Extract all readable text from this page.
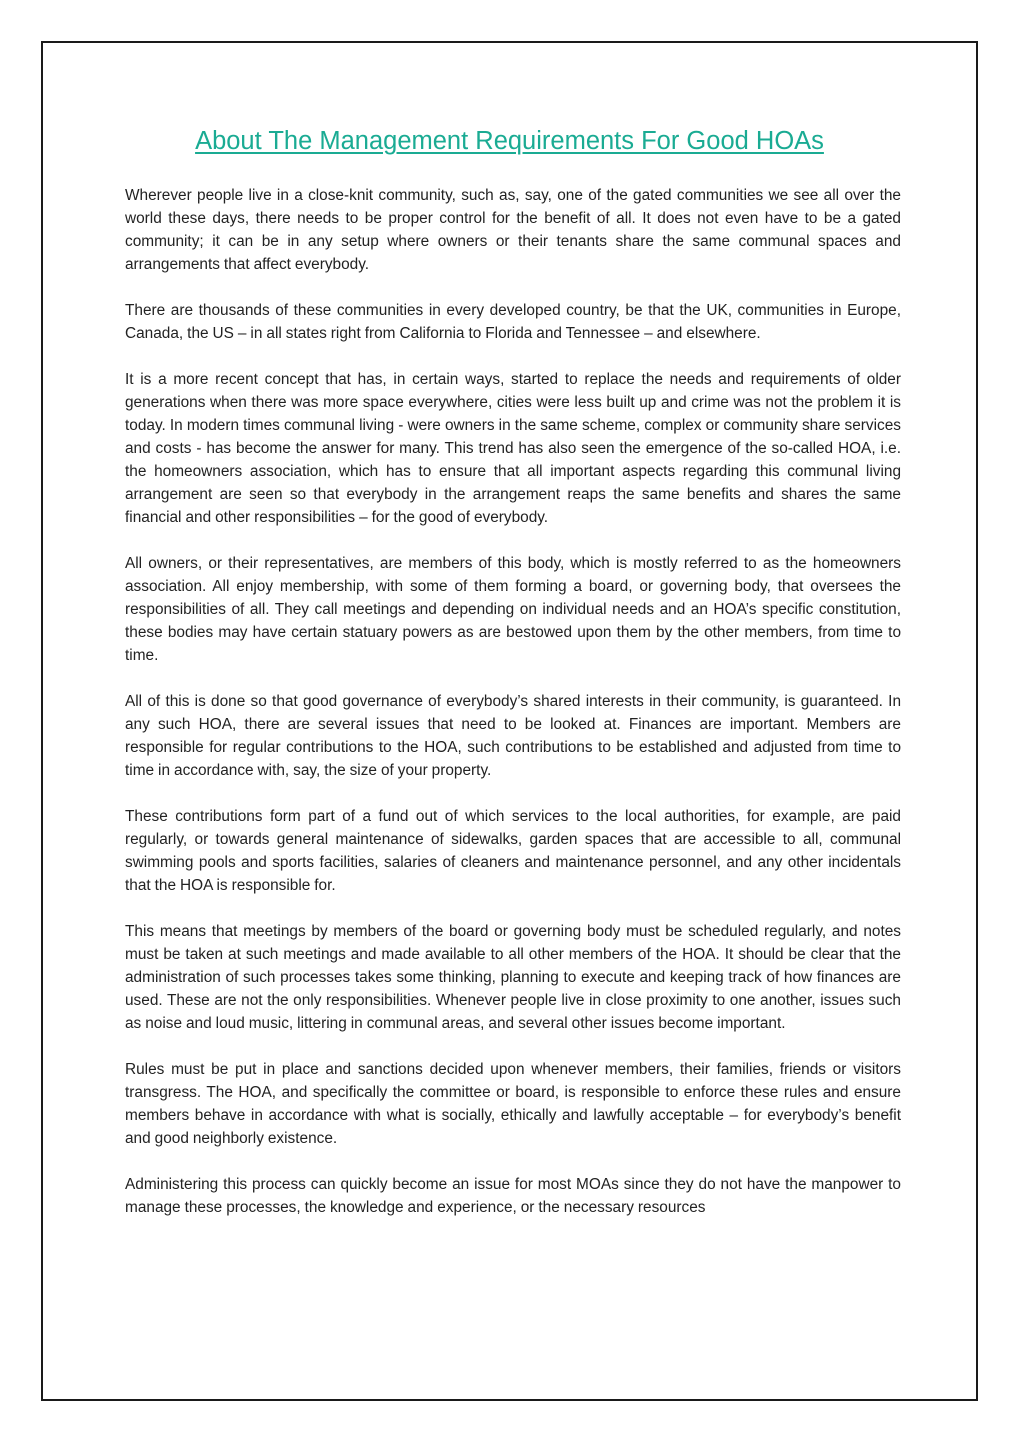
About The Management Requirements For Good HOAs

Wherever people live in a close-knit community, such as, say, one of the gated communities we see all over the world these days, there needs to be proper control for the benefit of all. It does not even have to be a gated community; it can be in any setup where owners or their tenants share the same communal spaces and arrangements that affect everybody.

There are thousands of these communities in every developed country, be that the UK, communities in Europe, Canada, the US – in all states right from California to Florida and Tennessee – and elsewhere.

It is a more recent concept that has, in certain ways, started to replace the needs and requirements of older generations when there was more space everywhere, cities were less built up and crime was not the problem it is today. In modern times communal living - were owners in the same scheme, complex or community share services and costs - has become the answer for many. This trend has also seen the emergence of the so-called HOA, i.e. the homeowners association, which has to ensure that all important aspects regarding this communal living arrangement are seen so that everybody in the arrangement reaps the same benefits and shares the same financial and other responsibilities – for the good of everybody.

All owners, or their representatives, are members of this body, which is mostly referred to as the homeowners association. All enjoy membership, with some of them forming a board, or governing body, that oversees the responsibilities of all. They call meetings and depending on individual needs and an HOA’s specific constitution, these bodies may have certain statuary powers as are bestowed upon them by the other members, from time to time.

All of this is done so that good governance of everybody’s shared interests in their community, is guaranteed. In any such HOA, there are several issues that need to be looked at. Finances are important. Members are responsible for regular contributions to the HOA, such contributions to be established and adjusted from time to time in accordance with, say, the size of your property.

These contributions form part of a fund out of which services to the local authorities, for example, are paid regularly, or towards general maintenance of sidewalks, garden spaces that are accessible to all, communal swimming pools and sports facilities, salaries of cleaners and maintenance personnel, and any other incidentals that the HOA is responsible for.

This means that meetings by members of the board or governing body must be scheduled regularly, and notes must be taken at such meetings and made available to all other members of the HOA. It should be clear that the administration of such processes takes some thinking, planning to execute and keeping track of how finances are used. These are not the only responsibilities. Whenever people live in close proximity to one another, issues such as noise and loud music, littering in communal areas, and several other issues become important.

Rules must be put in place and sanctions decided upon whenever members, their families, friends or visitors transgress. The HOA, and specifically the committee or board, is responsible to enforce these rules and ensure members behave in accordance with what is socially, ethically and lawfully acceptable – for everybody’s benefit and good neighborly existence.

Administering this process can quickly become an issue for most MOAs since they do not have the manpower to manage these processes, the knowledge and experience, or the necessary resources
